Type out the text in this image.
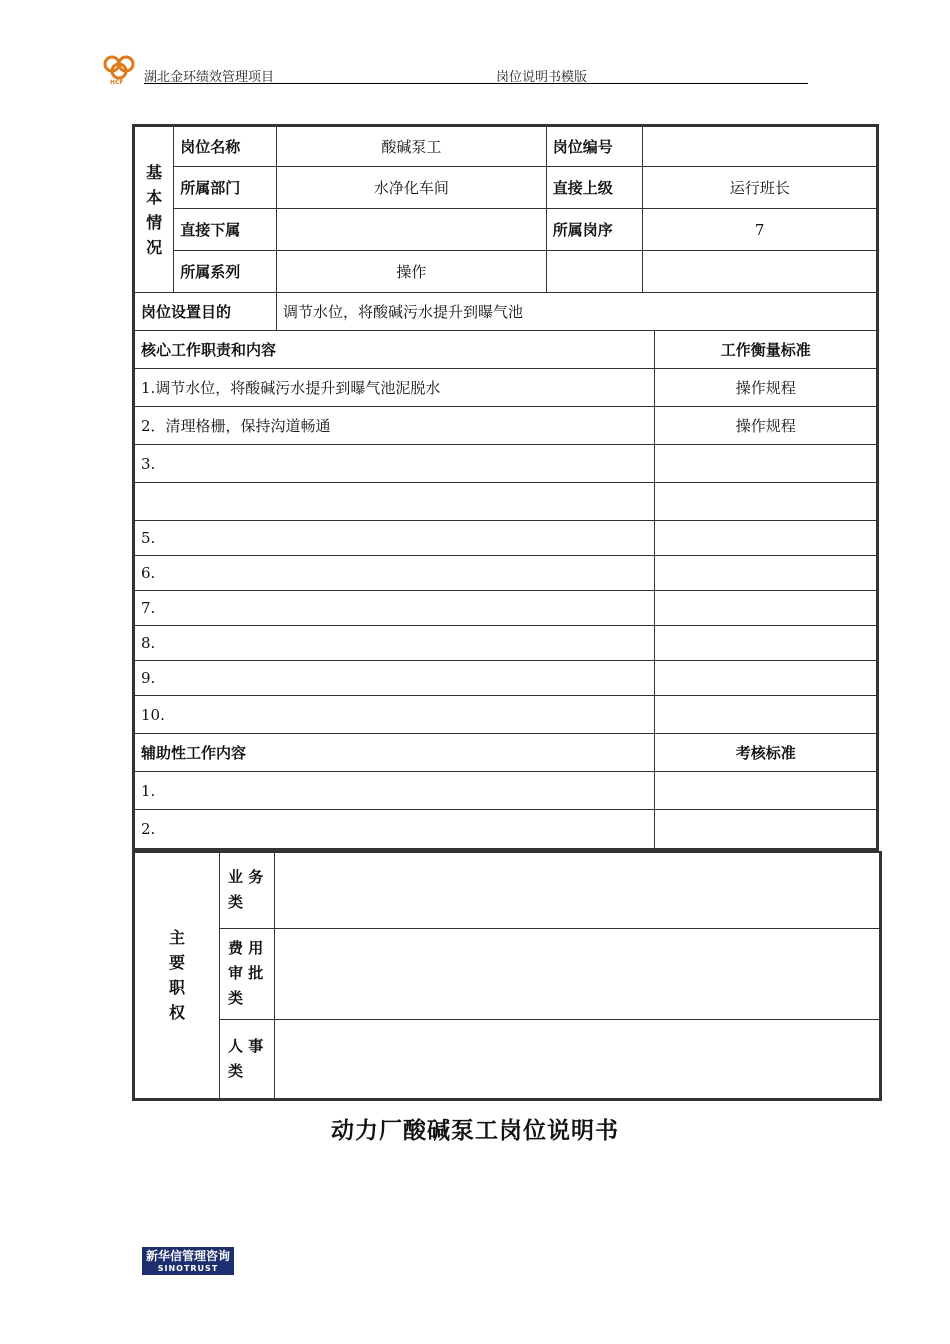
HCF 湖北金环绩效管理项目	岗位说明书模版
基
本
情
况	岗位名称	酸碱泵工	岗位编号		
	所属部门	水净化车间	直接上级	运行班长	
	直接下属		所属岗序	7	
	所属系列	操作			
岗位设置目的		调节水位，将酸碱污水提升到曝气池			
核心工作职责和内容					工作衡量标准
1.调节水位，将酸碱污水提升到曝气池泥脱水					操作规程
2．清理格栅，保持沟道畅通					操作规程
3.					

5.					
6.					
7.					
8.					
9.					
10.					
辅助性工作内容					考核标准
1.					
2.					
主
要
职
权	业 务
类	

	费 用
审 批
类	

	人 事
类	

动力厂酸碱泵工岗位说明书
新华信管理咨询
SINOTRUST
